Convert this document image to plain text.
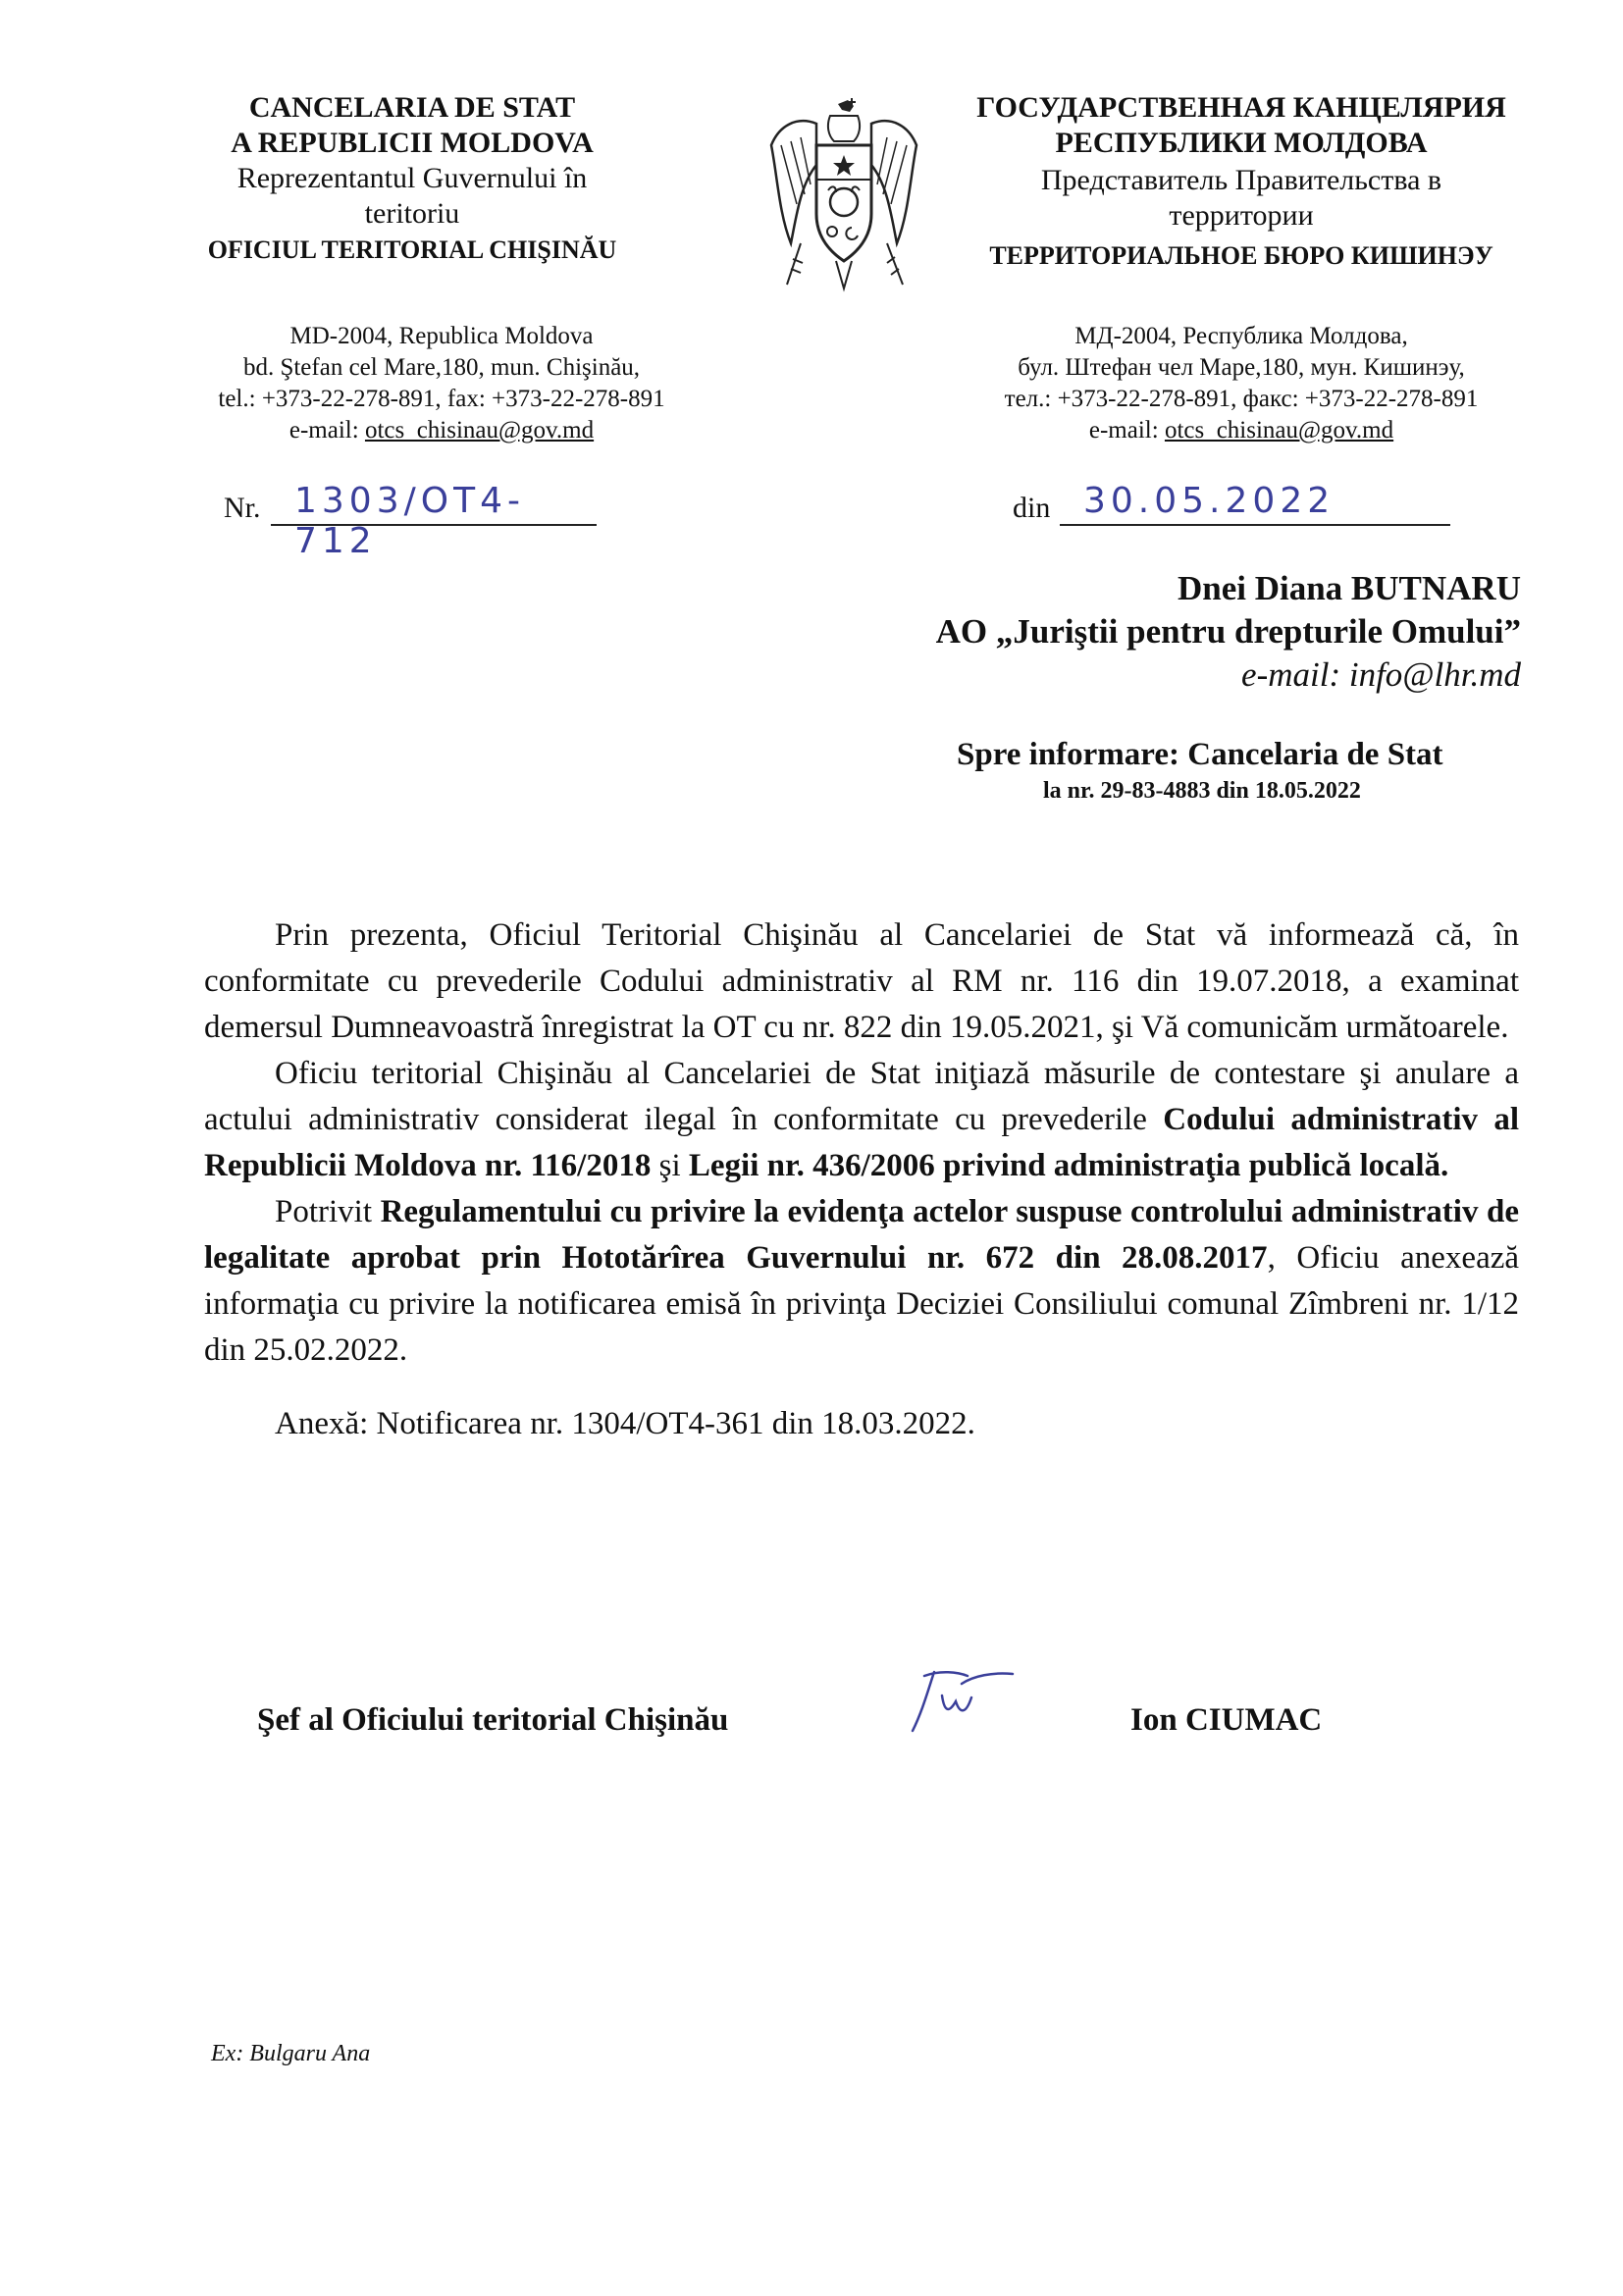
CANCELARIA DE STAT
A REPUBLICII MOLDOVA
Reprezentantul Guvernului în teritoriu
OFICIUL TERITORIAL CHIŞINĂU
ГОСУДАРСТВЕННАЯ КАНЦЕЛЯРИЯ
РЕСПУБЛИКИ МОЛДОВА
Представитель Правительства в
территории
ТЕРРИТОРИАЛЬНОЕ БЮРО КИШИНЭУ
MD-2004, Republica Moldova
bd. Ştefan cel Mare,180, mun. Chişinău,
tel.: +373-22-278-891, fax: +373-22-278-891
e-mail: otcs_chisinau@gov.md
МД-2004, Республика Молдова,
бул. Штефан чел Маре,180, мун. Кишинэу,
тел.: +373-22-278-891, факс: +373-22-278-891
e-mail: otcs_chisinau@gov.md
Nr. 1303/OT4-712
din 30.05.2022
Dnei Diana BUTNARU
AO „Juriştii pentru drepturile Omului”
e-mail: info@lhr.md
Spre informare: Cancelaria de Stat
la nr. 29-83-4883 din 18.05.2022

Prin prezenta, Oficiul Teritorial Chişinău al Cancelariei de Stat vă informează că, în conformitate cu prevederile Codului administrativ al RM nr. 116 din 19.07.2018, a examinat demersul Dumneavoastră înregistrat la OT cu nr. 822 din 19.05.2021, şi Vă comunicăm următoarele.

Oficiu teritorial Chişinău al Cancelariei de Stat iniţiază măsurile de contestare şi anulare a actului administrativ considerat ilegal în conformitate cu prevederile Codului administrativ al Republicii Moldova nr. 116/2018 şi Legii nr. 436/2006 privind administraţia publică locală.

Potrivit Regulamentului cu privire la evidenţa actelor suspuse controlului administrativ de legalitate aprobat prin Hototărîrea Guvernului nr. 672 din 28.08.2017, Oficiu anexează informaţia cu privire la notificarea emisă în privinţa Deciziei Consiliului comunal Zîmbreni nr. 1/12 din 25.02.2022.

Anexă: Notificarea nr. 1304/OT4-361 din 18.03.2022.

Şef al Oficiului teritorial Chişinău	Ion CIUMAC
Ex: Bulgaru Ana
